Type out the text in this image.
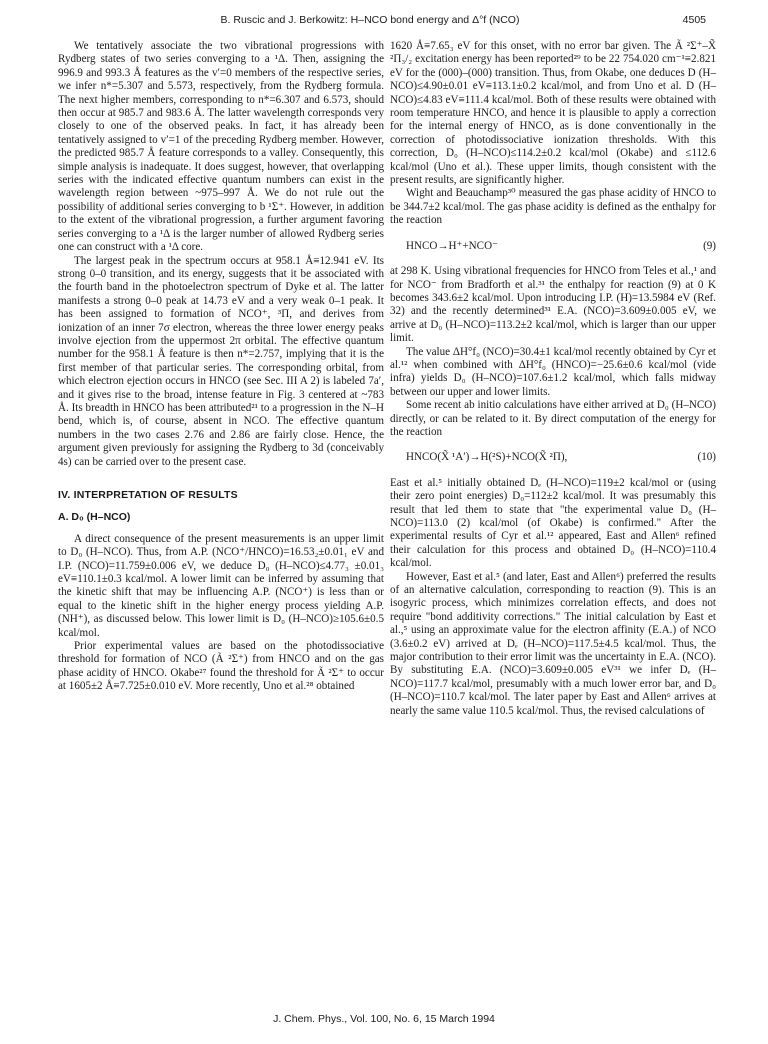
B. Ruscic and J. Berkowitz: H–NCO bond energy and Δ°f (NCO)	4505

We tentatively associate the two vibrational progressions with Rydberg states of two series converging to a ¹Δ. Then, assigning the 996.9 and 993.3 Å features as the v′=0 members of the respective series, we infer n*=5.307 and 5.573, respectively, from the Rydberg formula. The next higher members, corresponding to n*=6.307 and 6.573, should then occur at 985.7 and 983.6 Å. The latter wavelength corresponds very closely to one of the observed peaks. In fact, it has already been tentatively assigned to v′=1 of the preceding Rydberg member. However, the predicted 985.7 Å feature corresponds to a valley. Consequently, this simple analysis is inadequate. It does suggest, however, that overlapping series with the indicated effective quantum numbers can exist in the wavelength region between ~975–997 Å. We do not rule out the possibility of additional series converging to b ¹Σ⁺. However, in addition to the extent of the vibrational progression, a further argument favoring series converging to a ¹Δ is the larger number of allowed Rydberg series one can construct with a ¹Δ core.

The largest peak in the spectrum occurs at 958.1 Å≡12.941 eV. Its strong 0–0 transition, and its energy, suggests that it be associated with the fourth band in the photoelectron spectrum of Dyke et al. The latter manifests a strong 0–0 peak at 14.73 eV and a very weak 0–1 peak. It has been assigned to formation of NCO⁺, ³Π, and derives from ionization of an inner 7σ electron, whereas the three lower energy peaks involve ejection from the uppermost 2π orbital. The effective quantum number for the 958.1 Å feature is then n*=2.757, implying that it is the first member of that particular series. The corresponding orbital, from which electron ejection occurs in HNCO (see Sec. III A 2) is labeled 7a′, and it gives rise to the broad, intense feature in Fig. 3 centered at ~783 Å. Its breadth in HNCO has been attributed²¹ to a progression in the N–H bend, which is, of course, absent in NCO. The effective quantum numbers in the two cases 2.76 and 2.86 are fairly close. Hence, the argument given previously for assigning the Rydberg to 3d (conceivably 4s) can be carried over to the present case.

IV. INTERPRETATION OF RESULTS
A. D₀ (H–NCO)

A direct consequence of the present measurements is an upper limit to D₀ (H–NCO). Thus, from A.P. (NCO⁺/HNCO)=16.53₂±0.01₁ eV and I.P. (NCO)=11.759±0.006 eV, we deduce D₀ (H–NCO)≤4.77₃ ±0.01₃ eV≡110.1±0.3 kcal/mol. A lower limit can be inferred by assuming that the kinetic shift that may be influencing A.P. (NCO⁺) is less than or equal to the kinetic shift in the higher energy process yielding A.P. (NH⁺), as discussed below. This lower limit is D₀ (H–NCO)≥105.6±0.5 kcal/mol.

Prior experimental values are based on the photodissociative threshold for formation of NCO (Ã ²Σ⁺) from HNCO and on the gas phase acidity of HNCO. Okabe²⁷ found the threshold for Ã ²Σ⁺ to occur at 1605±2 Å≡7.725±0.010 eV. More recently, Uno et al.²⁸ obtained

1620 Å≡7.65₃ eV for this onset, with no error bar given. The Ã ²Σ⁺–X̃ ²Π₃/₂ excitation energy has been reported²⁹ to be 22 754.020 cm⁻¹≡2.821 eV for the (000)–(000) transition. Thus, from Okabe, one deduces D (H–NCO)≤4.90±0.01 eV≡113.1±0.2 kcal/mol, and from Uno et al. D (H–NCO)≤4.83 eV≡111.4 kcal/mol. Both of these results were obtained with room temperature HNCO, and hence it is plausible to apply a correction for the internal energy of HNCO, as is done conventionally in the correction of photodissociative ionization thresholds. With this correction, D₀ (H–NCO)≤114.2±0.2 kcal/mol (Okabe) and ≤112.6 kcal/mol (Uno et al.). These upper limits, though consistent with the present results, are significantly higher.

Wight and Beauchamp³⁰ measured the gas phase acidity of HNCO to be 344.7±2 kcal/mol. The gas phase acidity is defined as the enthalpy for the reaction

HNCO→H⁺+NCO⁻	(9)

at 298 K. Using vibrational frequencies for HNCO from Teles et al.,¹ and for NCO⁻ from Bradforth et al.³¹ the enthalpy for reaction (9) at 0 K becomes 343.6±2 kcal/mol. Upon introducing I.P. (H)=13.5984 eV (Ref. 32) and the recently determined³¹ E.A. (NCO)=3.609±0.005 eV, we arrive at D₀ (H–NCO)=113.2±2 kcal/mol, which is larger than our upper limit.

The value ΔH°f₀ (NCO)=30.4±1 kcal/mol recently obtained by Cyr et al.¹² when combined with ΔH°f₀ (HNCO)=−25.6±0.6 kcal/mol (vide infra) yields D₀ (H–NCO)=107.6±1.2 kcal/mol, which falls midway between our upper and lower limits.

Some recent ab initio calculations have either arrived at D₀ (H–NCO) directly, or can be related to it. By direct computation of the energy for the reaction

HNCO(X̃ ¹A′)→H(²S)+NCO(X̃ ²Π),	(10)

East et al.⁵ initially obtained Dₑ (H–NCO)=119±2 kcal/mol or (using their zero point energies) D₀=112±2 kcal/mol. It was presumably this result that led them to state that "the experimental value D₀ (H–NCO)=113.0 (2) kcal/mol (of Okabe) is confirmed." After the experimental results of Cyr et al.¹² appeared, East and Allen⁶ refined their calculation for this process and obtained D₀ (H–NCO)=110.4 kcal/mol.

However, East et al.⁵ (and later, East and Allen⁶) preferred the results of an alternative calculation, corresponding to reaction (9). This is an isogyric process, which minimizes correlation effects, and does not require "bond additivity corrections." The initial calculation by East et al.,⁵ using an approximate value for the electron affinity (E.A.) of NCO (3.6±0.2 eV) arrived at Dₑ (H–NCO)=117.5±4.5 kcal/mol. Thus, the major contribution to their error limit was the uncertainty in E.A. (NCO). By substituting E.A. (NCO)=3.609±0.005 eV³¹ we infer Dₑ (H–NCO)=117.7 kcal/mol, presumably with a much lower error bar, and D₀ (H–NCO)=110.7 kcal/mol. The later paper by East and Allen⁶ arrives at nearly the same value 110.5 kcal/mol. Thus, the revised calculations of

J. Chem. Phys., Vol. 100, No. 6, 15 March 1994
